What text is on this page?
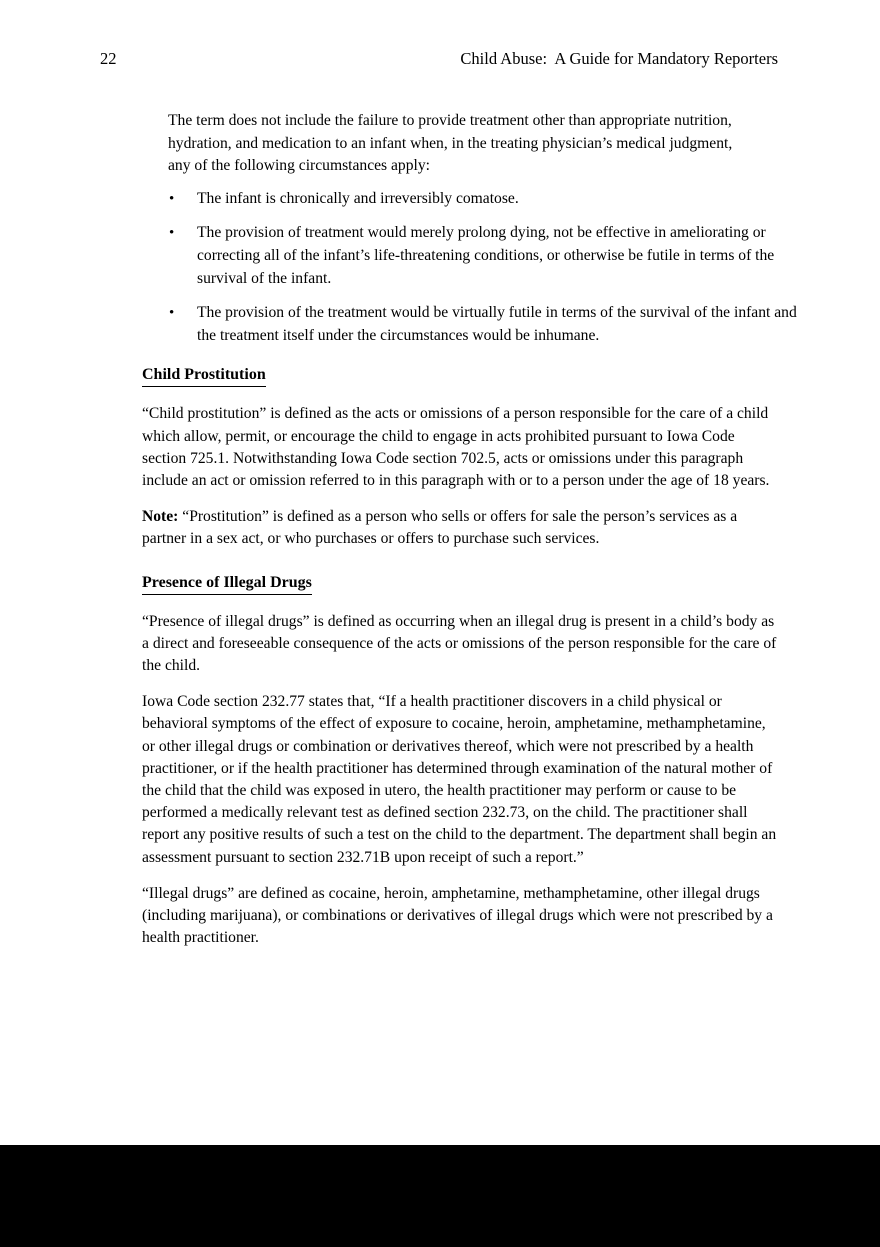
22	Child Abuse:  A Guide for Mandatory Reporters

The term does not include the failure to provide treatment other than appropriate nutrition, hydration, and medication to an infant when, in the treating physician’s medical judgment, any of the following circumstances apply:

• The infant is chronically and irreversibly comatose.
• The provision of treatment would merely prolong dying, not be effective in ameliorating or correcting all of the infant’s life-threatening conditions, or otherwise be futile in terms of the survival of the infant.
• The provision of the treatment would be virtually futile in terms of the survival of the infant and the treatment itself under the circumstances would be inhumane.
Child Prostitution

“Child prostitution” is defined as the acts or omissions of a person responsible for the care of a child which allow, permit, or encourage the child to engage in acts prohibited pursuant to Iowa Code section 725.1. Notwithstanding Iowa Code section 702.5, acts or omissions under this paragraph include an act or omission referred to in this paragraph with or to a person under the age of 18 years.

Note: “Prostitution” is defined as a person who sells or offers for sale the person’s services as a partner in a sex act, or who purchases or offers to purchase such services.

Presence of Illegal Drugs

“Presence of illegal drugs” is defined as occurring when an illegal drug is present in a child’s body as a direct and foreseeable consequence of the acts or omissions of the person responsible for the care of the child.

Iowa Code section 232.77 states that, “If a health practitioner discovers in a child physical or behavioral symptoms of the effect of exposure to cocaine, heroin, amphetamine, methamphetamine, or other illegal drugs or combination or derivatives thereof, which were not prescribed by a health practitioner, or if the health practitioner has determined through examination of the natural mother of the child that the child was exposed in utero, the health practitioner may perform or cause to be performed a medically relevant test as defined section 232.73, on the child. The practitioner shall report any positive results of such a test on the child to the department. The department shall begin an assessment pursuant to section 232.71B upon receipt of such a report.”

“Illegal drugs” are defined as cocaine, heroin, amphetamine, methamphetamine, other illegal drugs (including marijuana), or combinations or derivatives of illegal drugs which were not prescribed by a health practitioner.
